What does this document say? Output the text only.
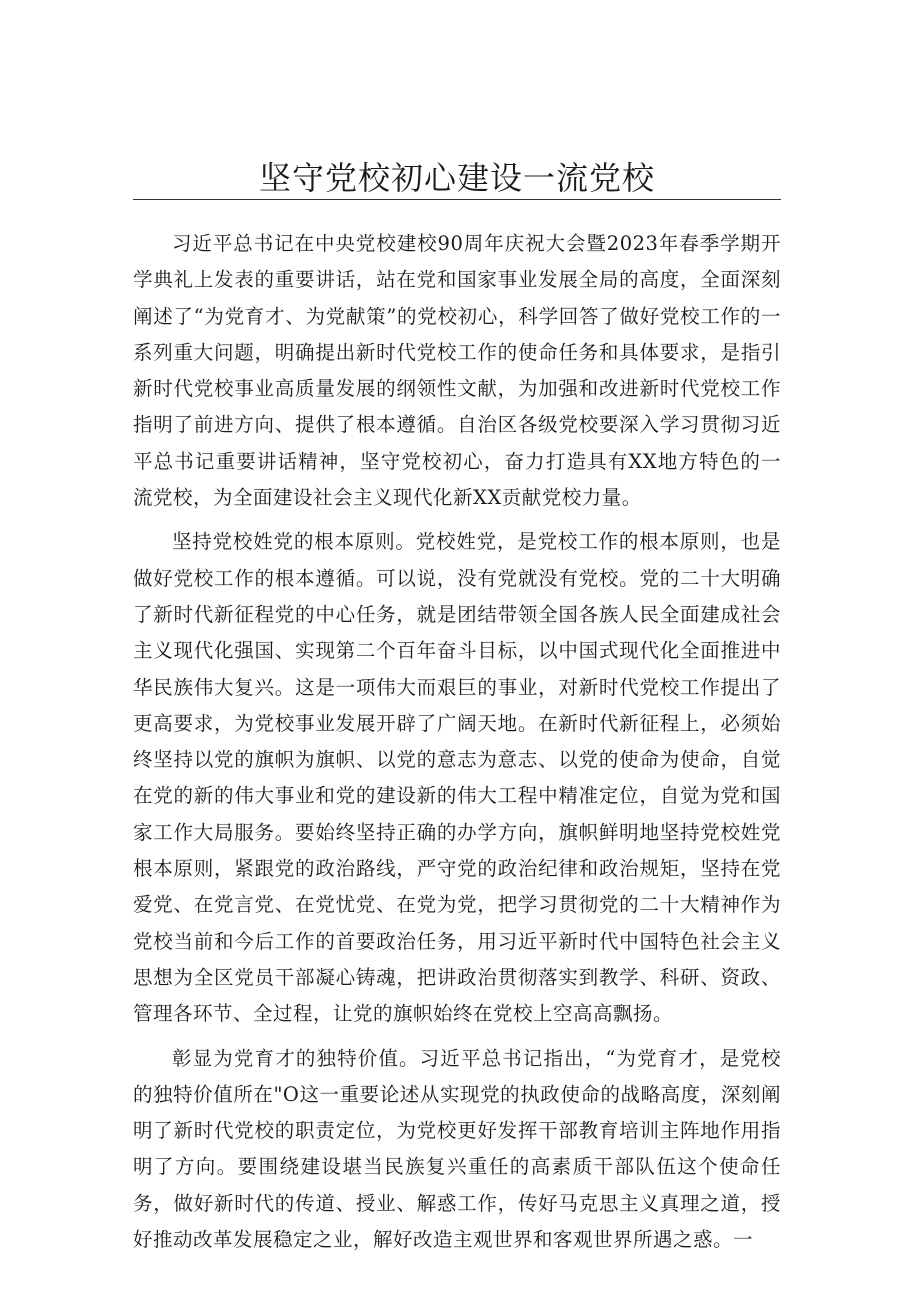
坚守党校初心建设一流党校

习近平总书记在中央党校建校90周年庆祝大会暨2023年春季学期开学典礼上发表的重要讲话，站在党和国家事业发展全局的高度，全面深刻阐述了“为党育才、为党献策”的党校初心，科学回答了做好党校工作的一系列重大问题，明确提出新时代党校工作的使命任务和具体要求，是指引新时代党校事业高质量发展的纲领性文献，为加强和改进新时代党校工作指明了前进方向、提供了根本遵循。自治区各级党校要深入学习贯彻习近平总书记重要讲话精神，坚守党校初心，奋力打造具有XX地方特色的一流党校，为全面建设社会主义现代化新XX贡献党校力量。

坚持党校姓党的根本原则。党校姓党，是党校工作的根本原则，也是做好党校工作的根本遵循。可以说，没有党就没有党校。党的二十大明确了新时代新征程党的中心任务，就是团结带领全国各族人民全面建成社会主义现代化强国、实现第二个百年奋斗目标，以中国式现代化全面推进中华民族伟大复兴。这是一项伟大而艰巨的事业，对新时代党校工作提出了更高要求，为党校事业发展开辟了广阔天地。在新时代新征程上，必须始终坚持以党的旗帜为旗帜、以党的意志为意志、以党的使命为使命，自觉在党的新的伟大事业和党的建设新的伟大工程中精准定位，自觉为党和国家工作大局服务。要始终坚持正确的办学方向，旗帜鲜明地坚持党校姓党根本原则，紧跟党的政治路线，严守党的政治纪律和政治规矩，坚持在党爱党、在党言党、在党忧党、在党为党，把学习贯彻党的二十大精神作为党校当前和今后工作的首要政治任务，用习近平新时代中国特色社会主义思想为全区党员干部凝心铸魂，把讲政治贯彻落实到教学、科研、资政、管理各环节、全过程，让党的旗帜始终在党校上空高高飘扬。

彰显为党育才的独特价值。习近平总书记指出，“为党育才，是党校的独特价值所在"O这一重要论述从实现党的执政使命的战略高度，深刻阐明了新时代党校的职责定位，为党校更好发挥干部教育培训主阵地作用指明了方向。要围绕建设堪当民族复兴重任的高素质干部队伍这个使命任务，做好新时代的传道、授业、解惑工作，传好马克思主义真理之道，授好推动改革发展稳定之业，解好改造主观世界和客观世界所遇之惑。一
